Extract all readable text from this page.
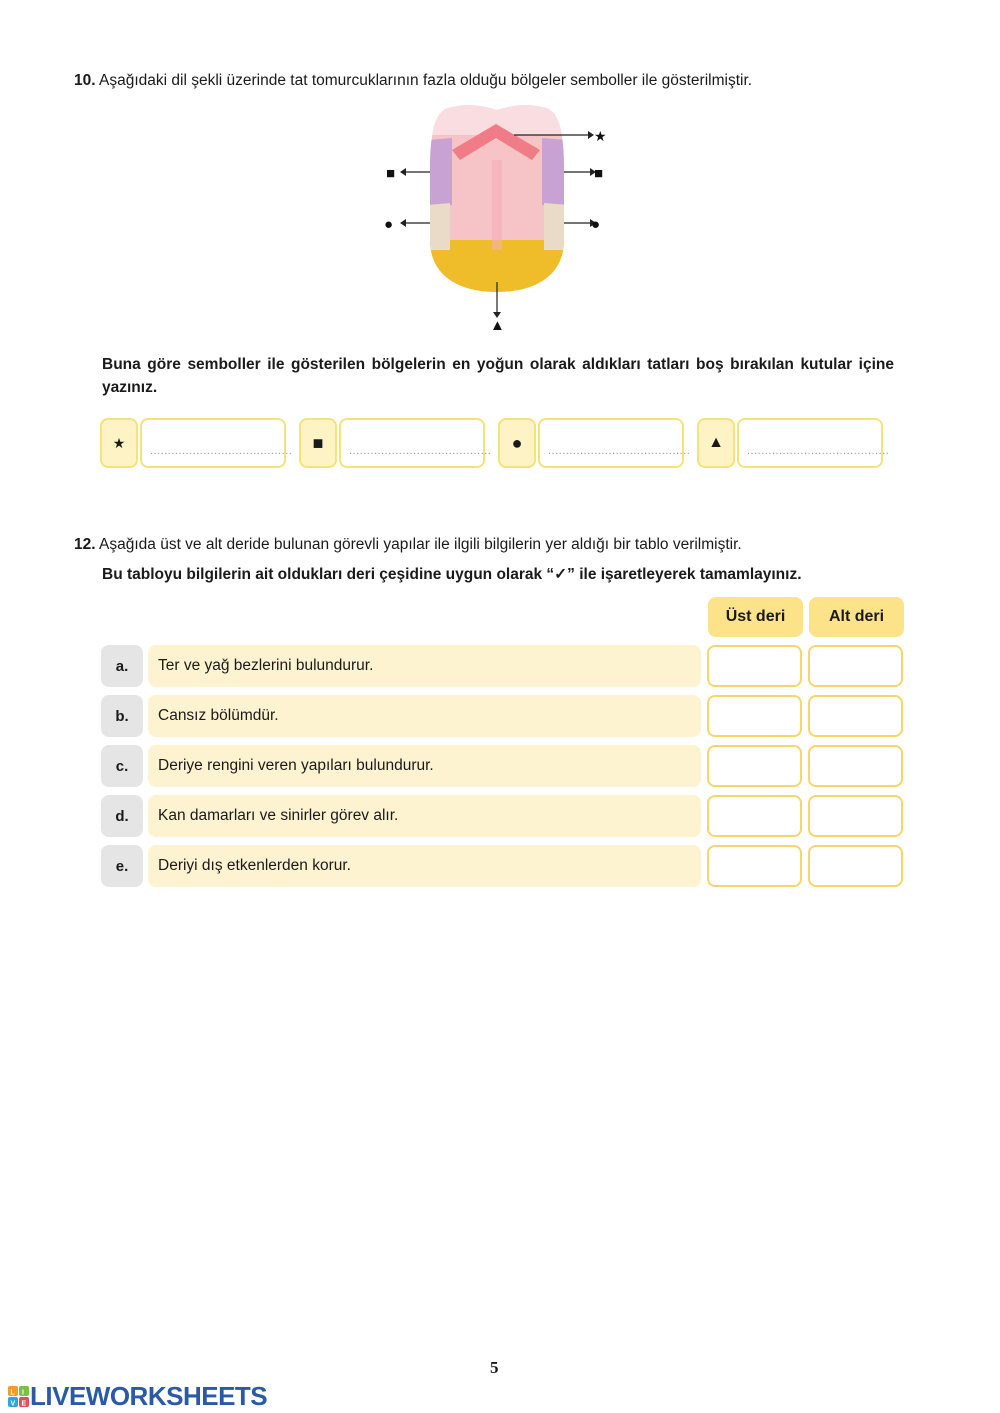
10. Aşağıdaki dil şekli üzerinde tat tomurcuklarının fazla olduğu bölgeler semboller ile gösterilmiştir.
★
■	■
●	●
▲
Buna göre semboller ile gösterilen bölgelerin en yoğun olarak aldıkları tatları boş bırakılan kutular içine yazınız.
★
........................................	■	........................................	●	........................................	▲	........................................
12. Aşağıda üst ve alt deride bulunan görevli yapılar ile ilgili bilgilerin yer aldığı bir tablo verilmiştir.
Bu tabloyu bilgilerin ait oldukları deri çeşidine uygun olarak “✓” ile işaretleyerek tamamlayınız.
Üst deri	Alt deri
a.	Ter ve yağ bezlerini bulundurur.
b.	Cansız bölümdür.
c.	Deriye rengini veren yapıları bulundurur.
d.	Kan damarları ve sinirler görev alır.
e.	Deriyi dış etkenlerden korur.
5
L I
V E LIVEWORKSHEETS
